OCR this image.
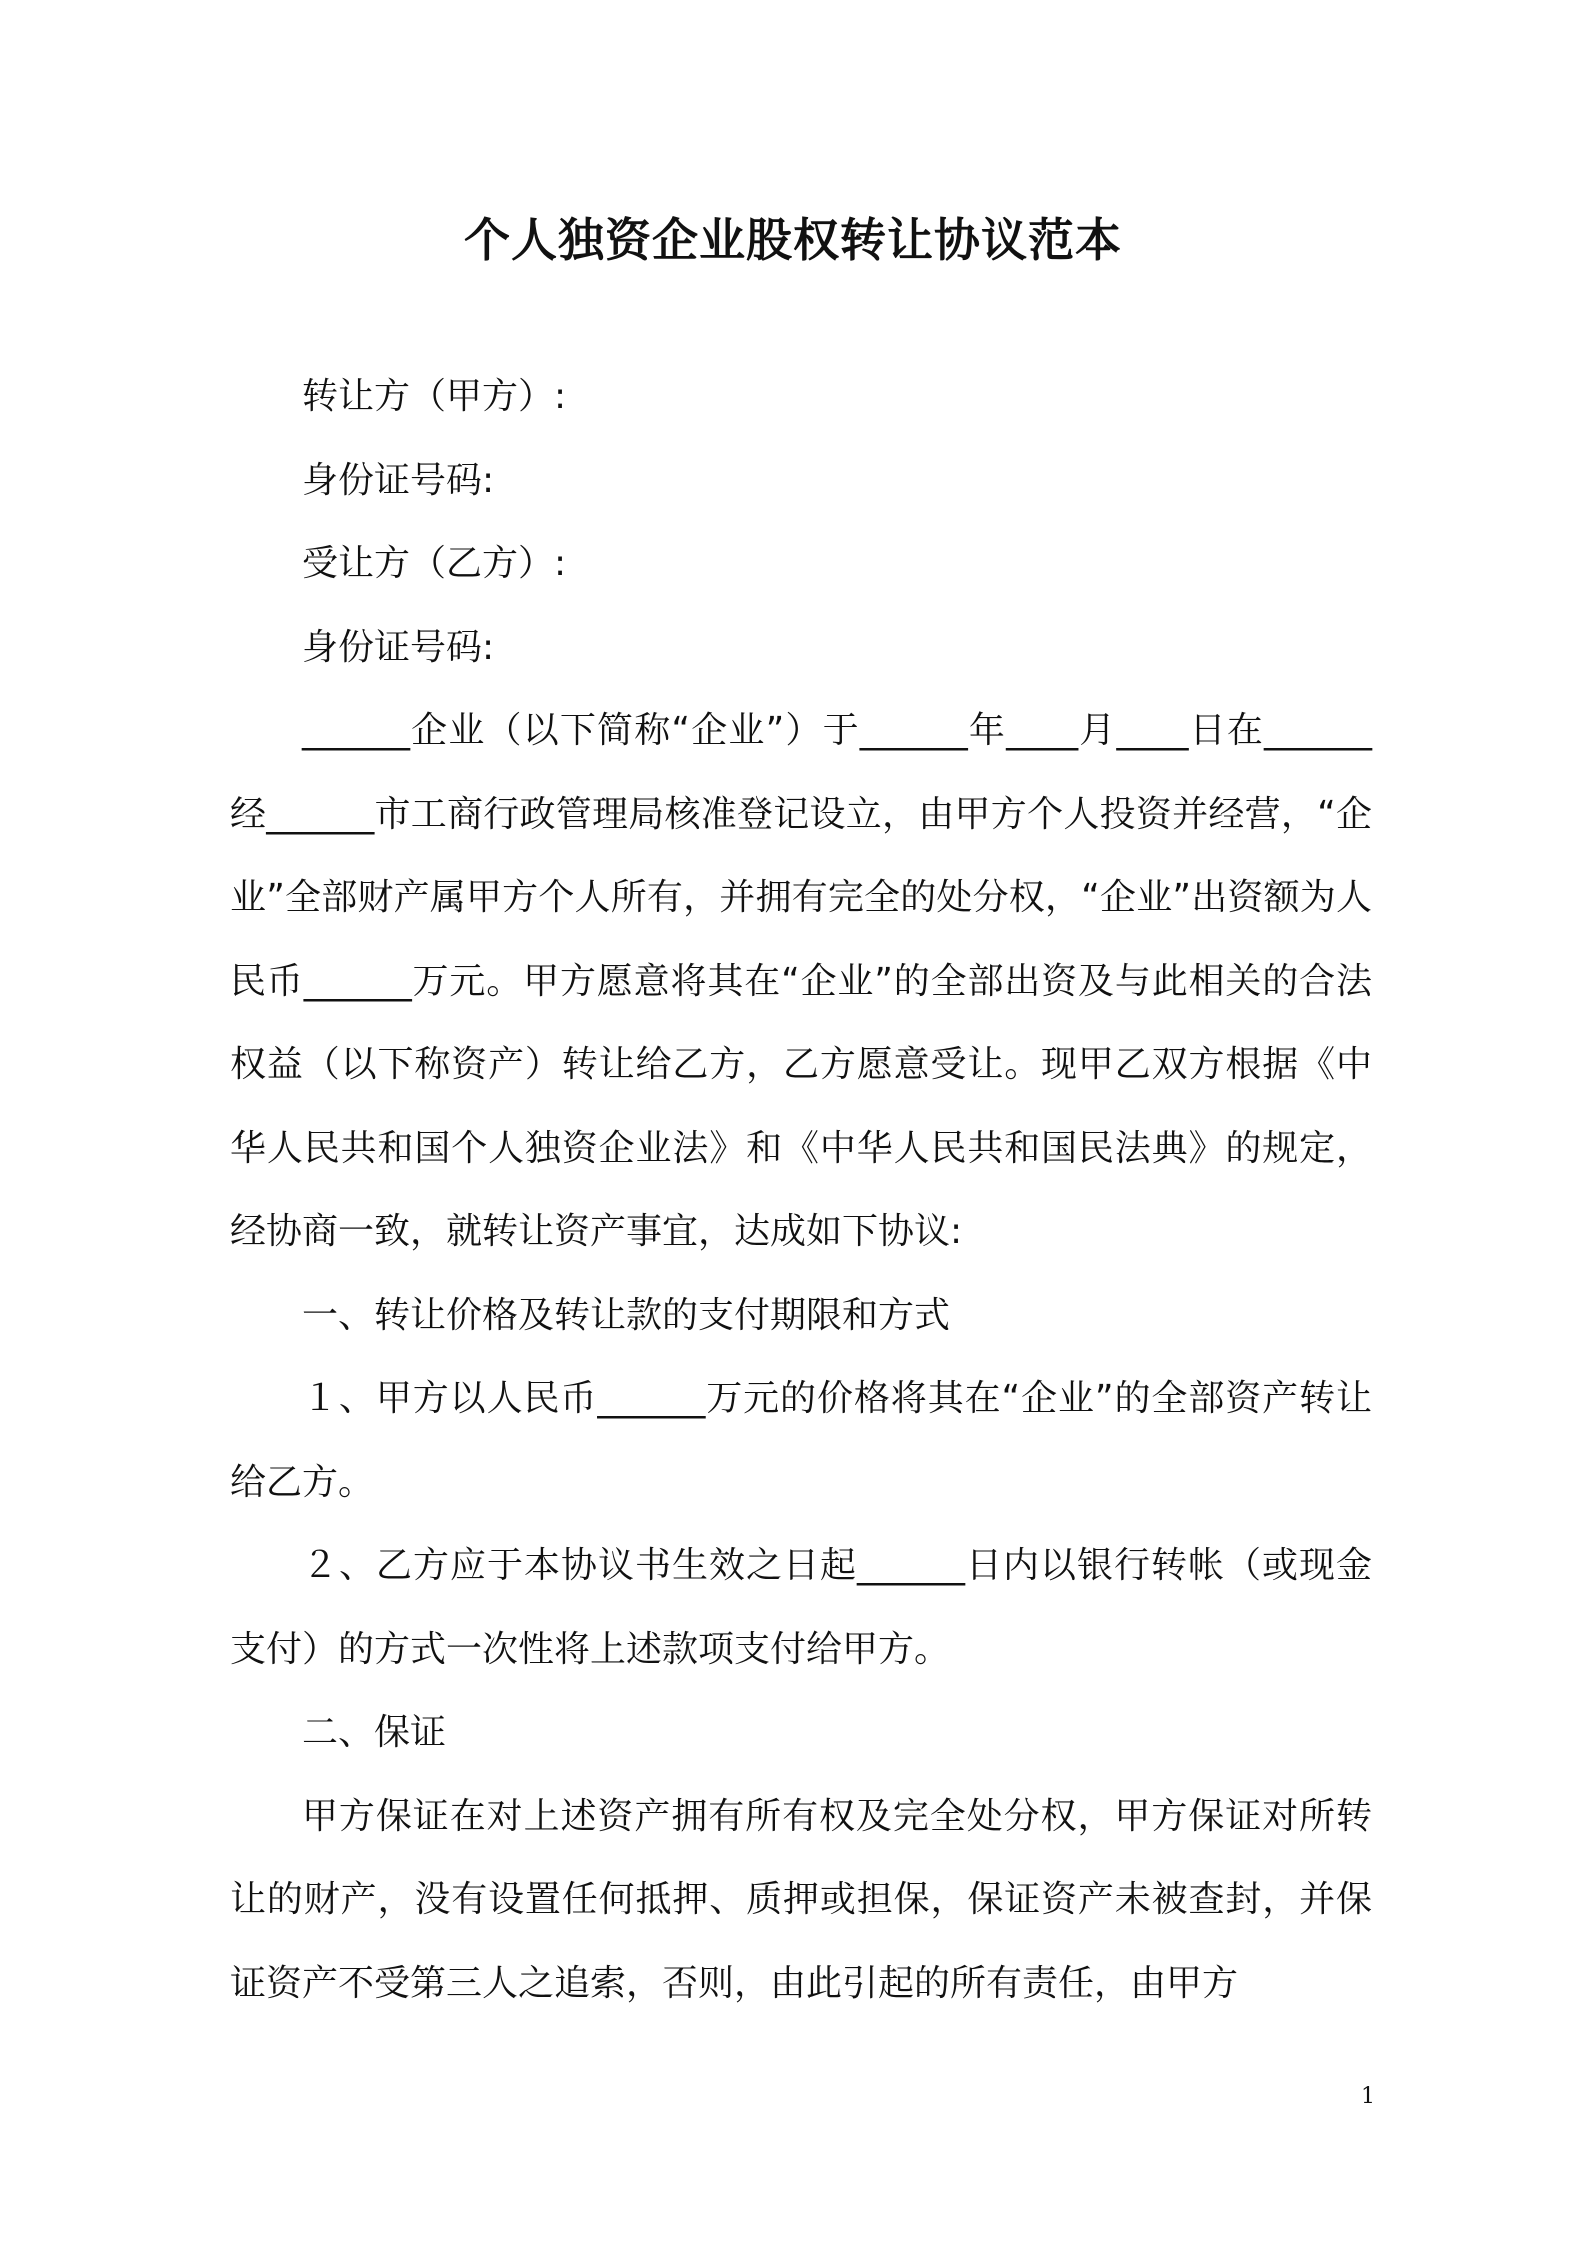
个人独资企业股权转让协议范本

转让方（甲方）:

身份证号码:

受让方（乙方）:

身份证号码:

______企业（以下简称“企业”）于______年____月____日在______经______市工商行政管理局核准登记设立，由甲方个人投资并经营，“企业”全部财产属甲方个人所有，并拥有完全的处分权，“企业”出资额为人民币______万元。甲方愿意将其在“企业”的全部出资及与此相关的合法权益（以下称资产）转让给乙方，乙方愿意受让。现甲乙双方根据《中华人民共和国个人独资企业法》和《中华人民共和国民法典》的规定，经协商一致，就转让资产事宜，达成如下协议:

一、转让价格及转让款的支付期限和方式

１、甲方以人民币______万元的价格将其在“企业”的全部资产转让给乙方。

２、乙方应于本协议书生效之日起______日内以银行转帐（或现金支付）的方式一次性将上述款项支付给甲方。

二、保证

甲方保证在对上述资产拥有所有权及完全处分权，甲方保证对所转让的财产，没有设置任何抵押、质押或担保，保证资产未被查封，并保证资产不受第三人之追索，否则，由此引起的所有责任，由甲方

1
